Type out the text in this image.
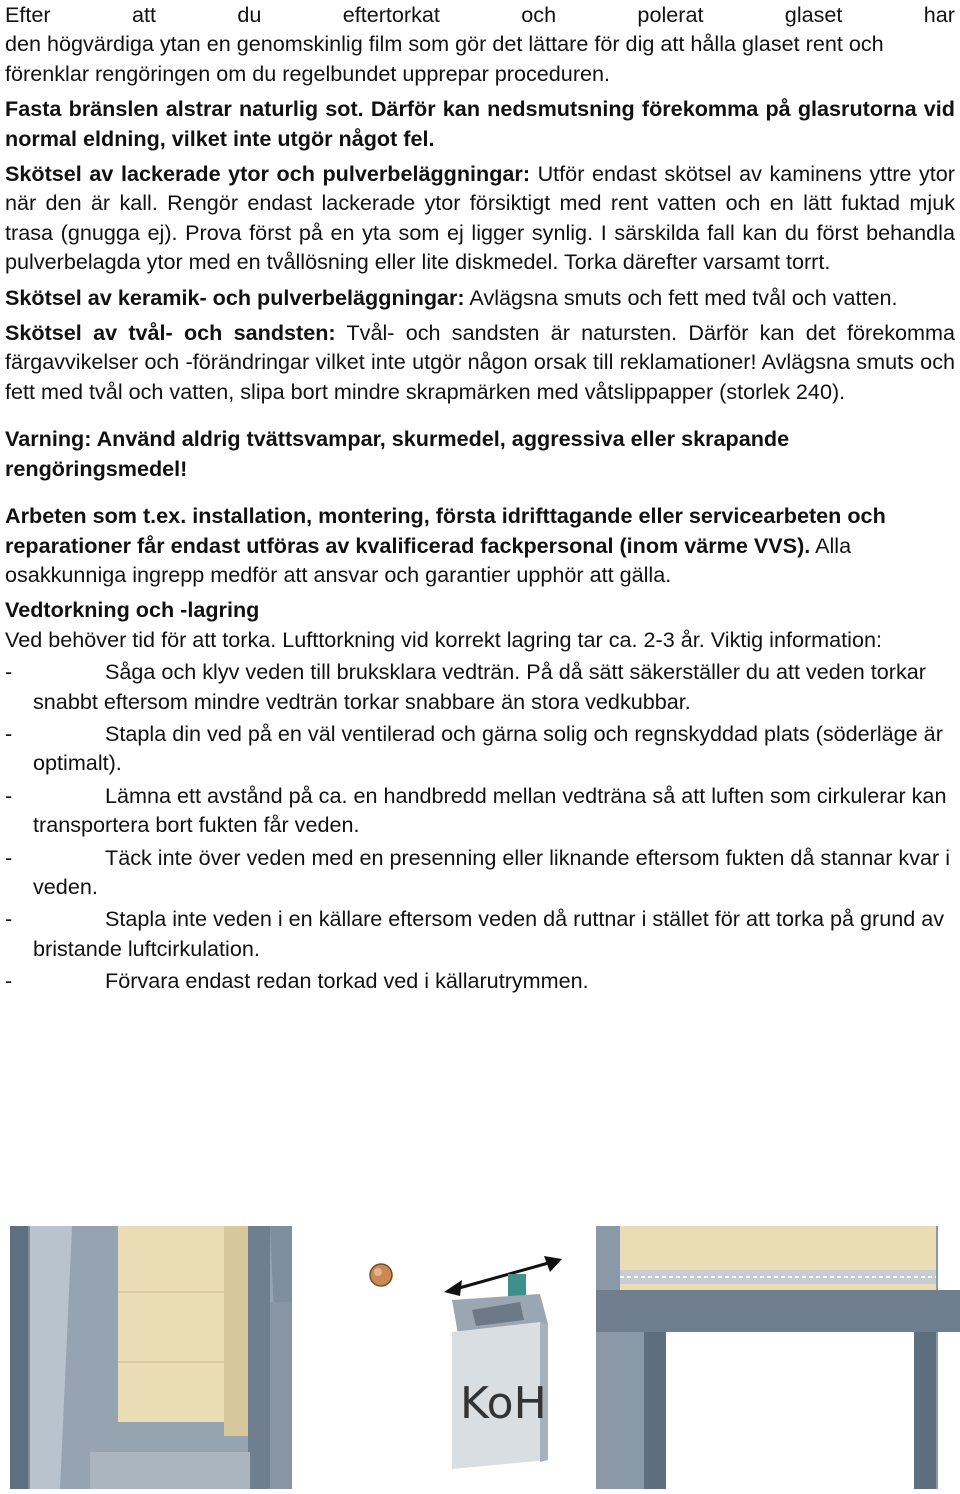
Efter att du eftertorkat och polerat glaset har

den högvärdiga ytan en genomskinlig film som gör det lättare för dig att hålla glaset rent och förenklar rengöringen om du regelbundet upprepar proceduren.

Fasta bränslen alstrar naturlig sot. Därför kan nedsmutsning förekomma på glasrutorna vid normal eldning, vilket inte utgör något fel.

Skötsel av lackerade ytor och pulverbeläggningar: Utför endast skötsel av kaminens yttre ytor när den är kall. Rengör endast lackerade ytor försiktigt med rent vatten och en lätt fuktad mjuk trasa (gnugga ej). Prova först på en yta som ej ligger synlig. I särskilda fall kan du först behandla pulverbelagda ytor med en tvållösning eller lite diskmedel. Torka därefter varsamt torrt.

Skötsel av keramik- och pulverbeläggningar: Avlägsna smuts och fett med tvål och vatten.

Skötsel av tvål- och sandsten: Tvål- och sandsten är natursten. Därför kan det förekomma färgavvikelser och -förändringar vilket inte utgör någon orsak till reklamationer! Avlägsna smuts och fett med tvål och vatten, slipa bort mindre skrapmärken med våtslippapper (storlek 240).

Varning: Använd aldrig tvättsvampar, skurmedel, aggressiva eller skrapande rengöringsmedel!

Arbeten som t.ex. installation, montering, första idrifttagande eller servicearbeten och reparationer får endast utföras av kvalificerad fackpersonal (inom värme VVS). Alla osakkunniga ingrepp medför att ansvar och garantier upphör att gälla.

Vedtorkning och -lagring

Ved behöver tid för att torka. Lufttorkning vid korrekt lagring tar ca. 2-3 år. Viktig information:

-	Såga och klyv veden till bruksklara vedträn. På då sätt säkerställer du att veden torkar snabbt eftersom mindre vedträn torkar snabbare än stora vedkubbar.
-	Stapla din ved på en väl ventilerad och gärna solig och regnskyddad plats (söderläge är optimalt).
-	Lämna ett avstånd på ca. en handbredd mellan vedträna så att luften som cirkulerar kan transportera bort fukten får veden.
-	Täck inte över veden med en presenning eller liknande eftersom fukten då stannar kvar i veden.
-	Stapla inte veden i en källare eftersom veden då ruttnar i stället för att torka på grund av bristande luftcirkulation.
-	Förvara endast redan torkad ved i källarutrymmen.
KoH
